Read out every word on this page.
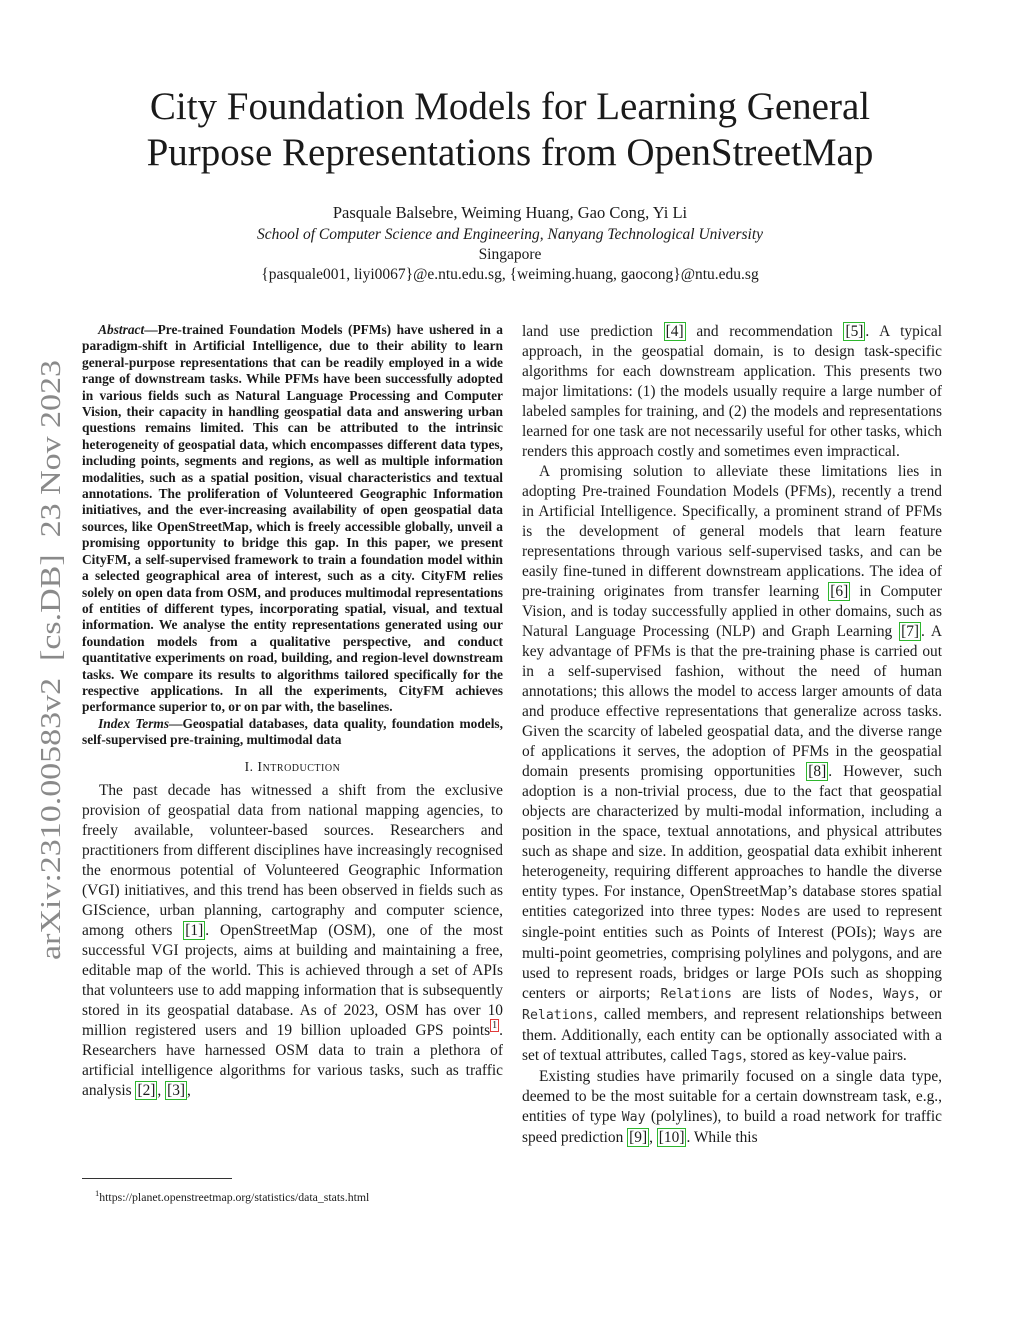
arXiv:2310.00583v2  [cs.DB]  23 Nov 2023
City Foundation Models for Learning General
Purpose Representations from OpenStreetMap
Pasquale Balsebre, Weiming Huang, Gao Cong, Yi Li
School of Computer Science and Engineering, Nanyang Technological University
Singapore
{pasquale001, liyi0067}@e.ntu.edu.sg, {weiming.huang, gaocong}@ntu.edu.sg

Abstract—Pre-trained Foundation Models (PFMs) have ushered in a paradigm-shift in Artificial Intelligence, due to their ability to learn general-purpose representations that can be readily employed in a wide range of downstream tasks. While PFMs have been successfully adopted in various fields such as Natural Language Processing and Computer Vision, their capacity in handling geospatial data and answering urban questions remains limited. This can be attributed to the intrinsic heterogeneity of geospatial data, which encompasses different data types, including points, segments and regions, as well as multiple information modalities, such as a spatial position, visual characteristics and textual annotations. The proliferation of Volunteered Geographic Information initiatives, and the ever-increasing availability of open geospatial data sources, like OpenStreetMap, which is freely accessible globally, unveil a promising opportunity to bridge this gap. In this paper, we present CityFM, a self-supervised framework to train a foundation model within a selected geographical area of interest, such as a city. CityFM relies solely on open data from OSM, and produces multimodal representations of entities of different types, incorporating spatial, visual, and textual information. We analyse the entity representations generated using our foundation models from a qualitative perspective, and conduct quantitative experiments on road, building, and region-level downstream tasks. We compare its results to algorithms tailored specifically for the respective applications. In all the experiments, CityFM achieves performance superior to, or on par with, the baselines.

Index Terms—Geospatial databases, data quality, foundation models, self-supervised pre-training, multimodal data

I. Introduction

The past decade has witnessed a shift from the exclusive provision of geospatial data from national mapping agencies, to freely available, volunteer-based sources. Researchers and practitioners from different disciplines have increasingly recognised the enormous potential of Volunteered Geographic Information (VGI) initiatives, and this trend has been observed in fields such as GIScience, urban planning, cartography and computer science, among others [1] . OpenStreetMap (OSM), one of the most successful VGI projects, aims at building and maintaining a free, editable map of the world. This is achieved through a set of APIs that volunteers use to add mapping information that is subsequently stored in its geospatial database. As of 2023, OSM has over 10 million registered users and 19 billion uploaded GPS points $^1$ . Researchers have harnessed OSM data to train a plethora of artificial intelligence algorithms for various tasks, such as traffic analysis [2] , [3] ,

land use prediction [4] and recommendation [5] . A typical approach, in the geospatial domain, is to design task-specific algorithms for each downstream application. This presents two major limitations: (1) the models usually require a large number of labeled samples for training, and (2) the models and representations learned for one task are not necessarily useful for other tasks, which renders this approach costly and sometimes even impractical.

A promising solution to alleviate these limitations lies in adopting Pre-trained Foundation Models (PFMs), recently a trend in Artificial Intelligence. Specifically, a prominent strand of PFMs is the development of general models that learn feature representations through various self-supervised tasks, and can be easily fine-tuned in different downstream applications. The idea of pre-training originates from transfer learning [6] in Computer Vision, and is today successfully applied in other domains, such as Natural Language Processing (NLP) and Graph Learning [7] . A key advantage of PFMs is that the pre-training phase is carried out in a self-supervised fashion, without the need of human annotations; this allows the model to access larger amounts of data and produce effective representations that generalize across tasks. Given the scarcity of labeled geospatial data, and the diverse range of applications it serves, the adoption of PFMs in the geospatial domain presents promising opportunities [8] . However, such adoption is a non-trivial process, due to the fact that geospatial objects are characterized by multi-modal information, including a position in the space, textual annotations, and physical attributes such as shape and size. In addition, geospatial data exhibit inherent heterogeneity, requiring different approaches to handle the diverse entity types. For instance, OpenStreetMap’s database stores spatial entities categorized into three types: Nodes are used to represent single-point entities such as Points of Interest (POIs); Ways are multi-point geometries, comprising polylines and polygons, and are used to represent roads, bridges or large POIs such as shopping centers or airports; Relations are lists of Nodes, Ways, or Relations, called members, and represent relationships between them. Additionally, each entity can be optionally associated with a set of textual attributes, called Tags, stored as key-value pairs.

Existing studies have primarily focused on a single data type, deemed to be the most suitable for a certain downstream task, e.g., entities of type Way (polylines), to build a road network for traffic speed prediction [9] , [10] . While this

$^1$https://planet.openstreetmap.org/statistics/data_stats.html
